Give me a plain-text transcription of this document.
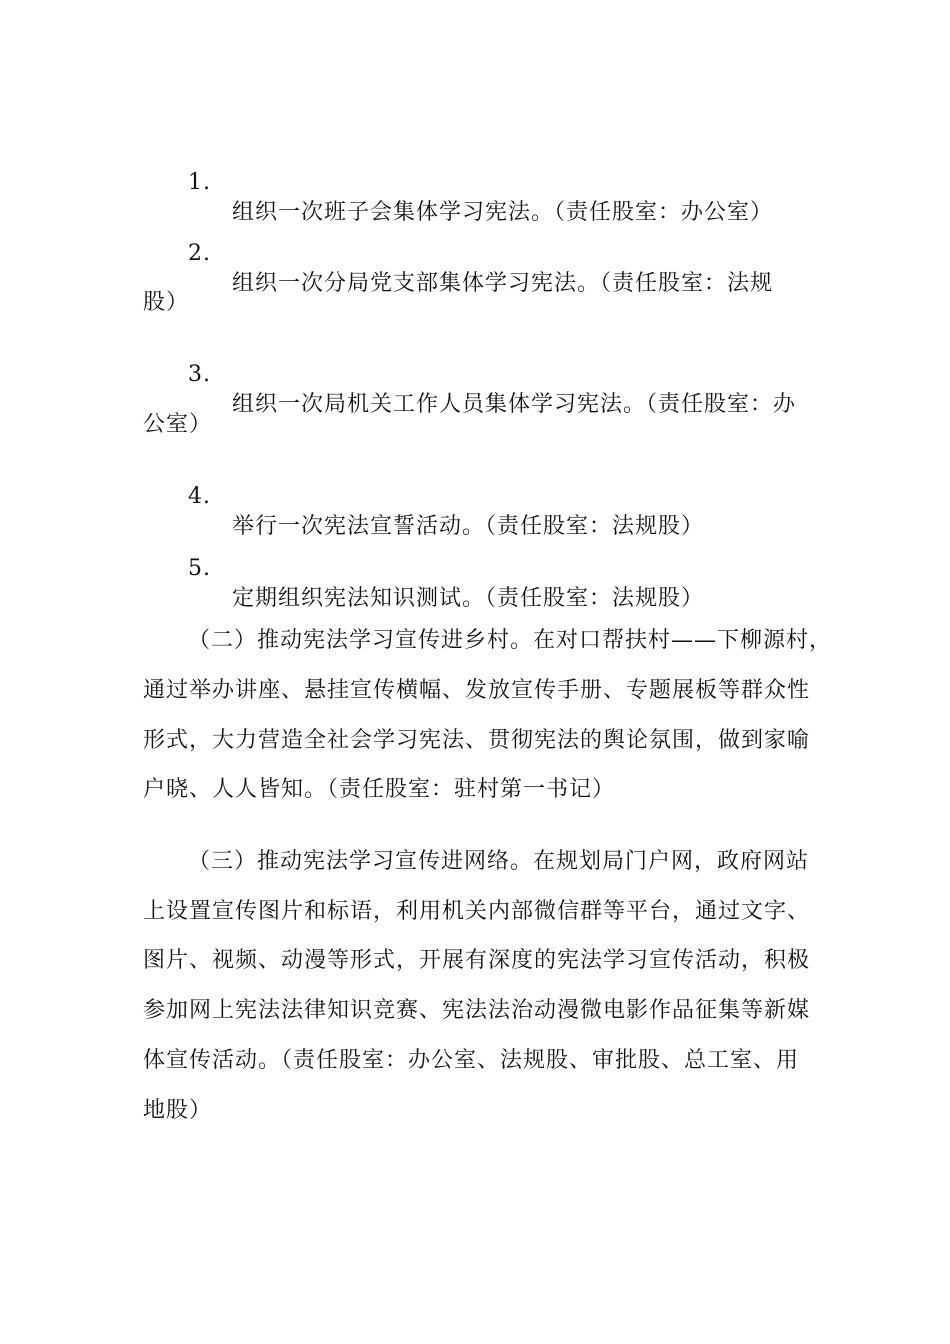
1.

组织一次班子会集体学习宪法。（责任股室：办公室）

2.

组织一次分局党支部集体学习宪法。（责任股室：法规

股）

3.

组织一次局机关工作人员集体学习宪法。（责任股室：办

公室）

4.

举行一次宪法宣誓活动。（责任股室：法规股）

5.

定期组织宪法知识测试。（责任股室：法规股）

（二）推动宪法学习宣传进乡村。在对口帮扶村——下柳源村，

通过举办讲座、悬挂宣传横幅、发放宣传手册、专题展板等群众性

形式，大力营造全社会学习宪法、贯彻宪法的舆论氛围，做到家喻

户晓、人人皆知。（责任股室：驻村第一书记）

（三）推动宪法学习宣传进网络。在规划局门户网，政府网站

上设置宣传图片和标语，利用机关内部微信群等平台，通过文字、

图片、视频、动漫等形式，开展有深度的宪法学习宣传活动，积极

参加网上宪法法律知识竞赛、宪法法治动漫微电影作品征集等新媒

体宣传活动。（责任股室：办公室、法规股、审批股、总工室、用

地股）
